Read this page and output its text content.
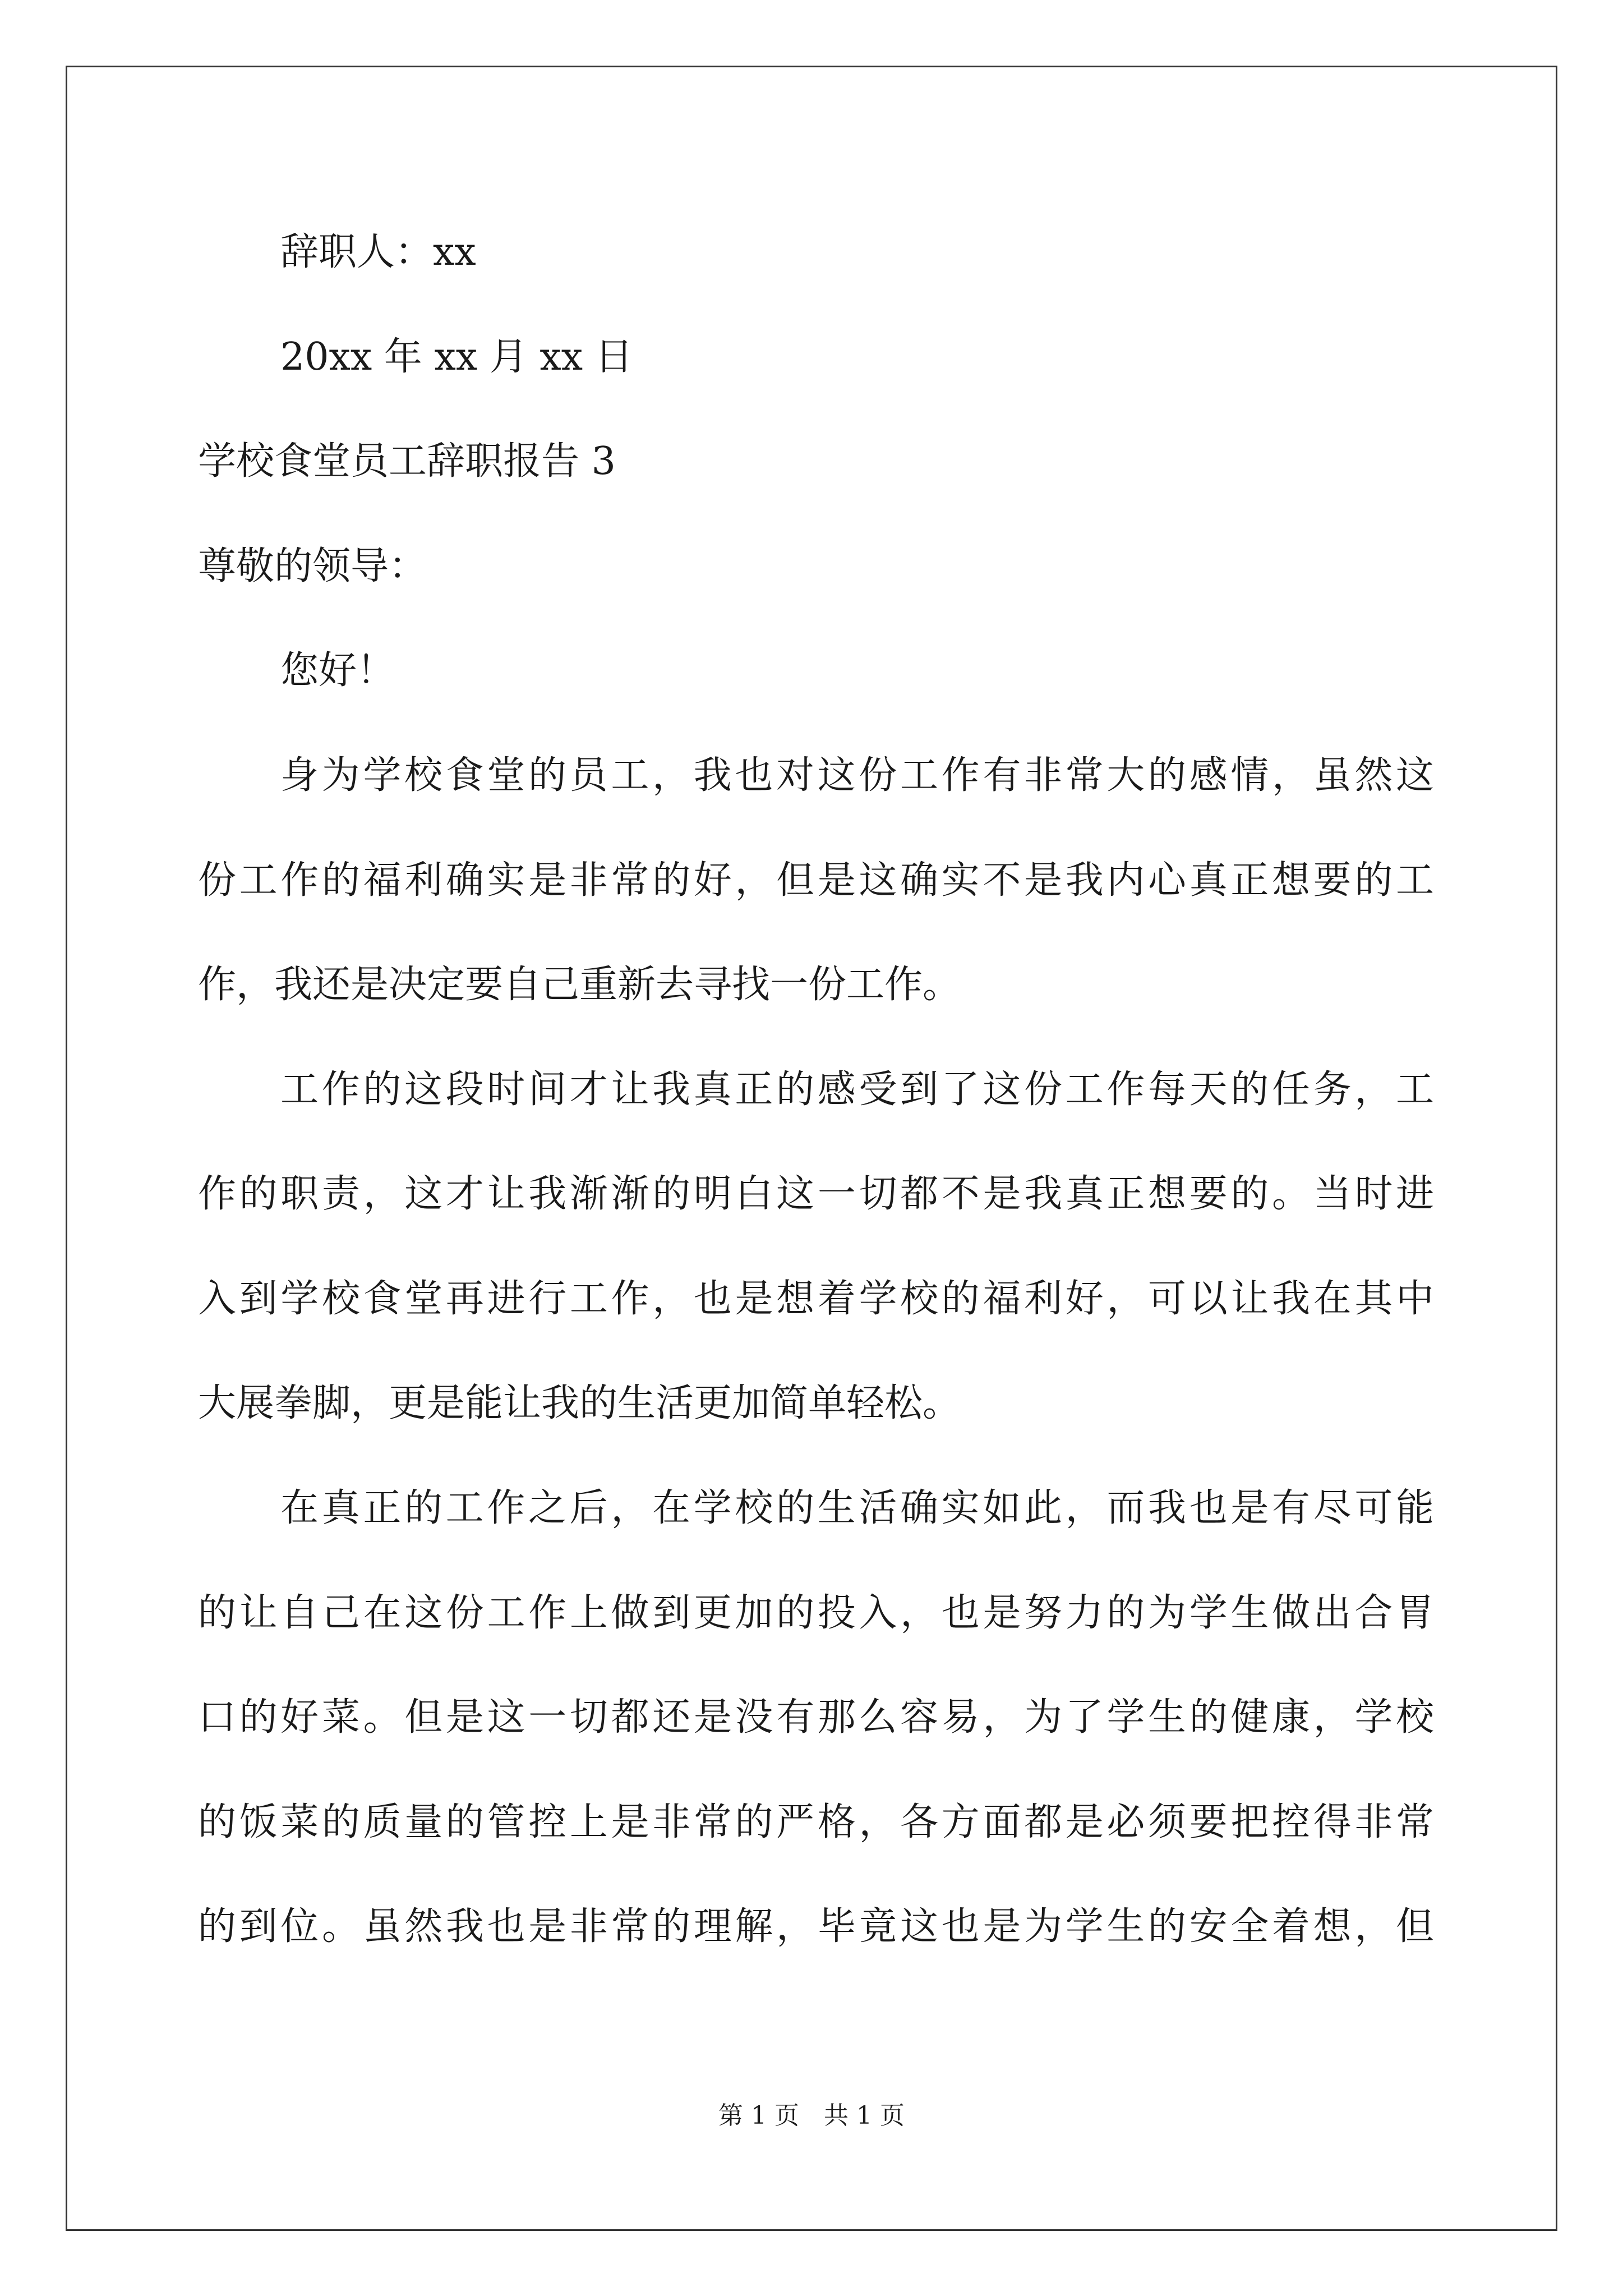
辞职人：xx
20xx 年 xx 月 xx 日
学校食堂员工辞职报告 3
尊敬的领导：
您好！
身为学校食堂的员工，我也对这份工作有非常大的感情，虽然这
份工作的福利确实是非常的好，但是这确实不是我内心真正想要的工
作，我还是决定要自己重新去寻找一份工作。
工作的这段时间才让我真正的感受到了这份工作每天的任务，工
作的职责，这才让我渐渐的明白这一切都不是我真正想要的。当时进
入到学校食堂再进行工作，也是想着学校的福利好，可以让我在其中
大展拳脚，更是能让我的生活更加简单轻松。
在真正的工作之后，在学校的生活确实如此，而我也是有尽可能
的让自己在这份工作上做到更加的投入，也是努力的为学生做出合胃
口的好菜。但是这一切都还是没有那么容易，为了学生的健康，学校
的饭菜的质量的管控上是非常的严格，各方面都是必须要把控得非常
的到位。虽然我也是非常的理解，毕竟这也是为学生的安全着想，但
第 1 页　共 1 页
